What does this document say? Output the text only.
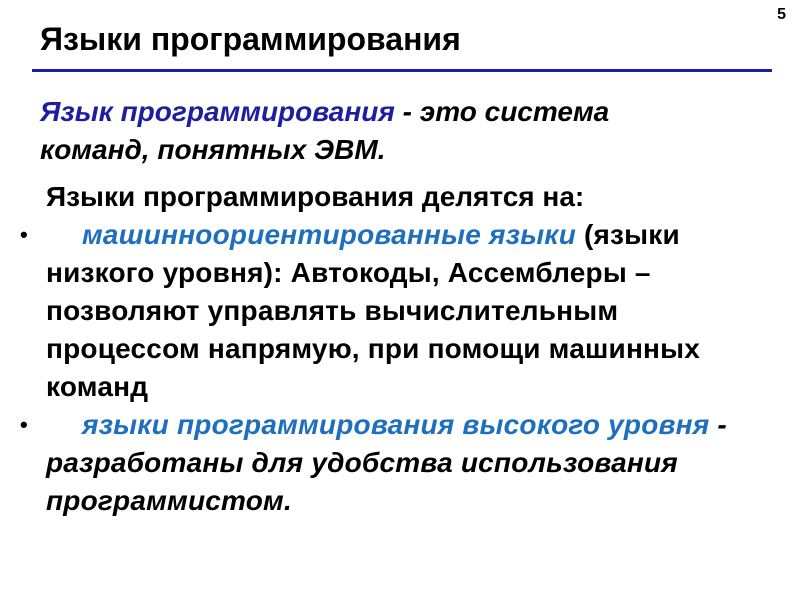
5
Языки программирования

Язык программирования - это система команд, понятных ЭВМ.

Языки программирования делятся на:

• машинноориентированные языки (языки низкого уровня): Автокоды, Ассемблеры – позволяют управлять вычислительным процессом напрямую, при помощи машинных команд
• языки программирования высокого уровня - разработаны для удобства использования программистом.
